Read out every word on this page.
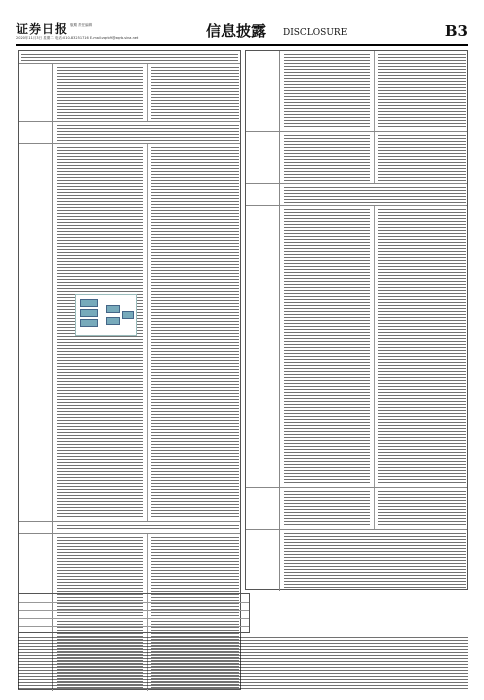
证券日报 版期 责任编辑
2020年11月3日 星期二 电话:010-83251716 E-mail:zqrb9@zqrb.sina.net	信息披露 DISCLOSURE	B3
